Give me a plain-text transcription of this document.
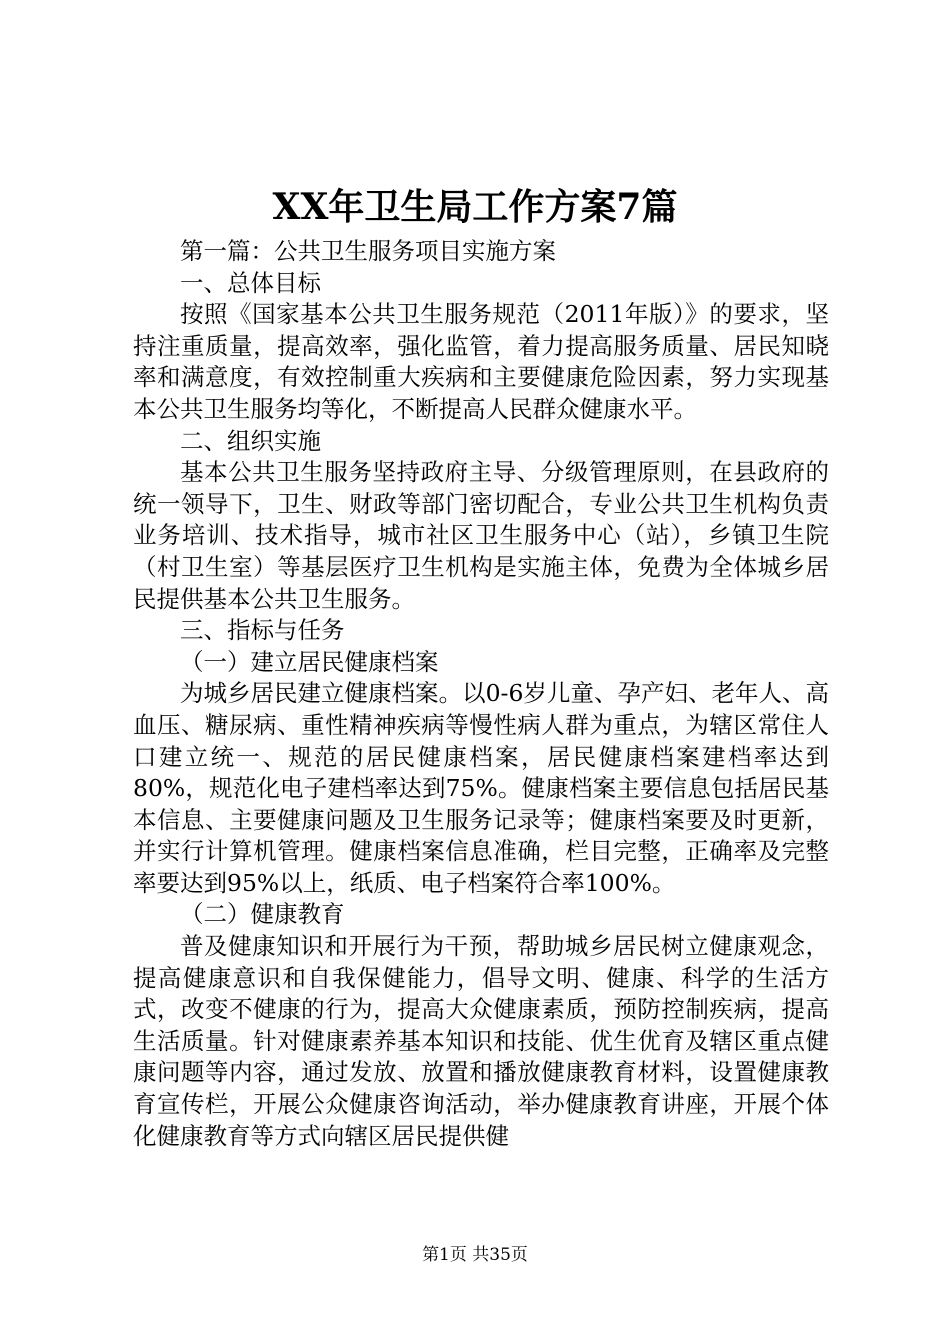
XX年卫生局工作方案7篇

第一篇：公共卫生服务项目实施方案

一、总体目标

按照《国家基本公共卫生服务规范（2011年版）》的要求，坚持注重质量，提高效率，强化监管，着力提高服务质量、居民知晓率和满意度，有效控制重大疾病和主要健康危险因素，努力实现基本公共卫生服务均等化，不断提高人民群众健康水平。

二、组织实施

基本公共卫生服务坚持政府主导、分级管理原则，在县政府的统一领导下，卫生、财政等部门密切配合，专业公共卫生机构负责业务培训、技术指导，城市社区卫生服务中心（站），乡镇卫生院（村卫生室）等基层医疗卫生机构是实施主体，免费为全体城乡居民提供基本公共卫生服务。

三、指标与任务

（一）建立居民健康档案

为城乡居民建立健康档案。以0-6岁儿童、孕产妇、老年人、高血压、糖尿病、重性精神疾病等慢性病人群为重点，为辖区常住人口建立统一、规范的居民健康档案，居民健康档案建档率达到80%，规范化电子建档率达到75%。健康档案主要信息包括居民基本信息、主要健康问题及卫生服务记录等；健康档案要及时更新，并实行计算机管理。健康档案信息准确，栏目完整，正确率及完整率要达到95%以上，纸质、电子档案符合率100%。

（二）健康教育

普及健康知识和开展行为干预，帮助城乡居民树立健康观念，提高健康意识和自我保健能力，倡导文明、健康、科学的生活方式，改变不健康的行为，提高大众健康素质，预防控制疾病，提高生活质量。针对健康素养基本知识和技能、优生优育及辖区重点健康问题等内容，通过发放、放置和播放健康教育材料，设置健康教育宣传栏，开展公众健康咨询活动，举办健康教育讲座，开展个体化健康教育等方式向辖区居民提供健

第1页 共35页
